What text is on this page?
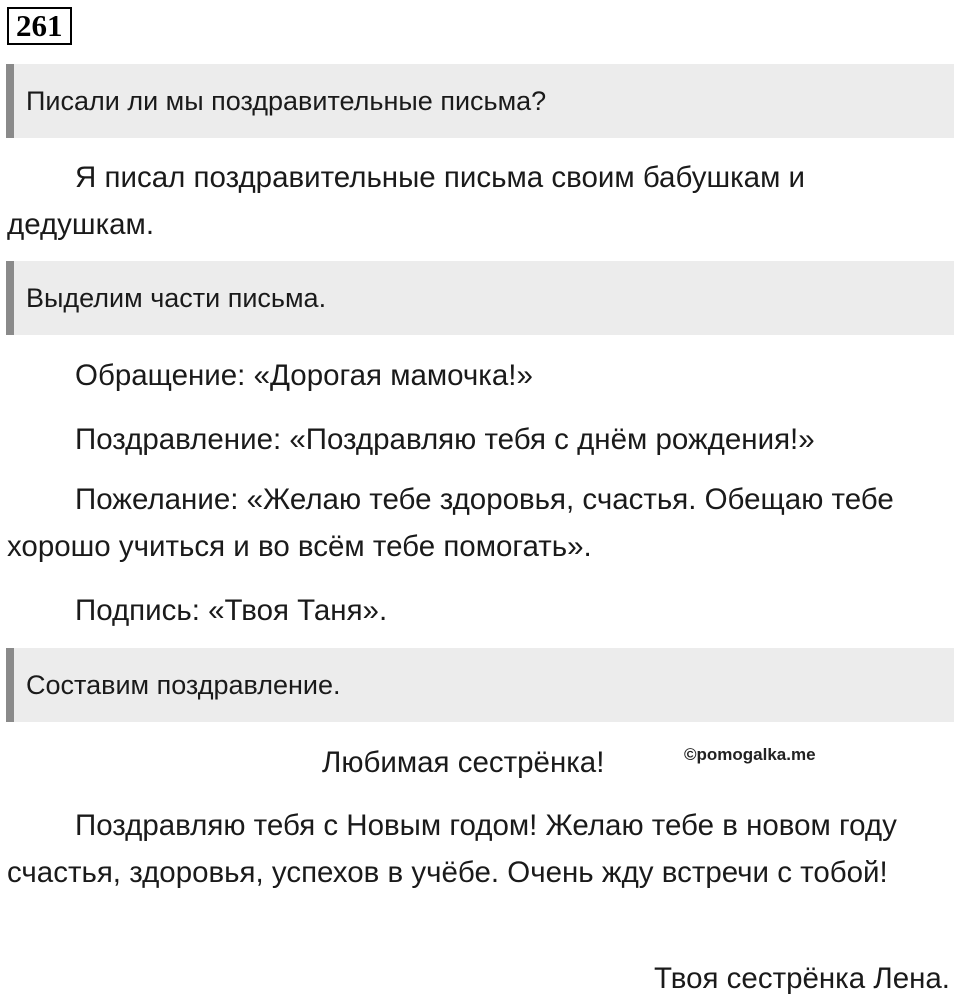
261
Писали ли мы поздравительные письма?

Я писал поздравительные письма своим бабушкам и дедушкам.

Выделим части письма.

Обращение: «Дорогая мамочка!»

Поздравление: «Поздравляю тебя с днём рождения!»

Пожелание: «Желаю тебе здоровья, счастья. Обещаю тебе хорошо учиться и во всём тебе помогать».

Подпись: «Твоя Таня».

Составим поздравление.

Любимая сестрёнка!	©pomogalka.me

Поздравляю тебя с Новым годом! Желаю тебе в новом году счастья, здоровья, успехов в учёбе. Очень жду встречи с тобой!

Твоя сестрёнка Лена.
